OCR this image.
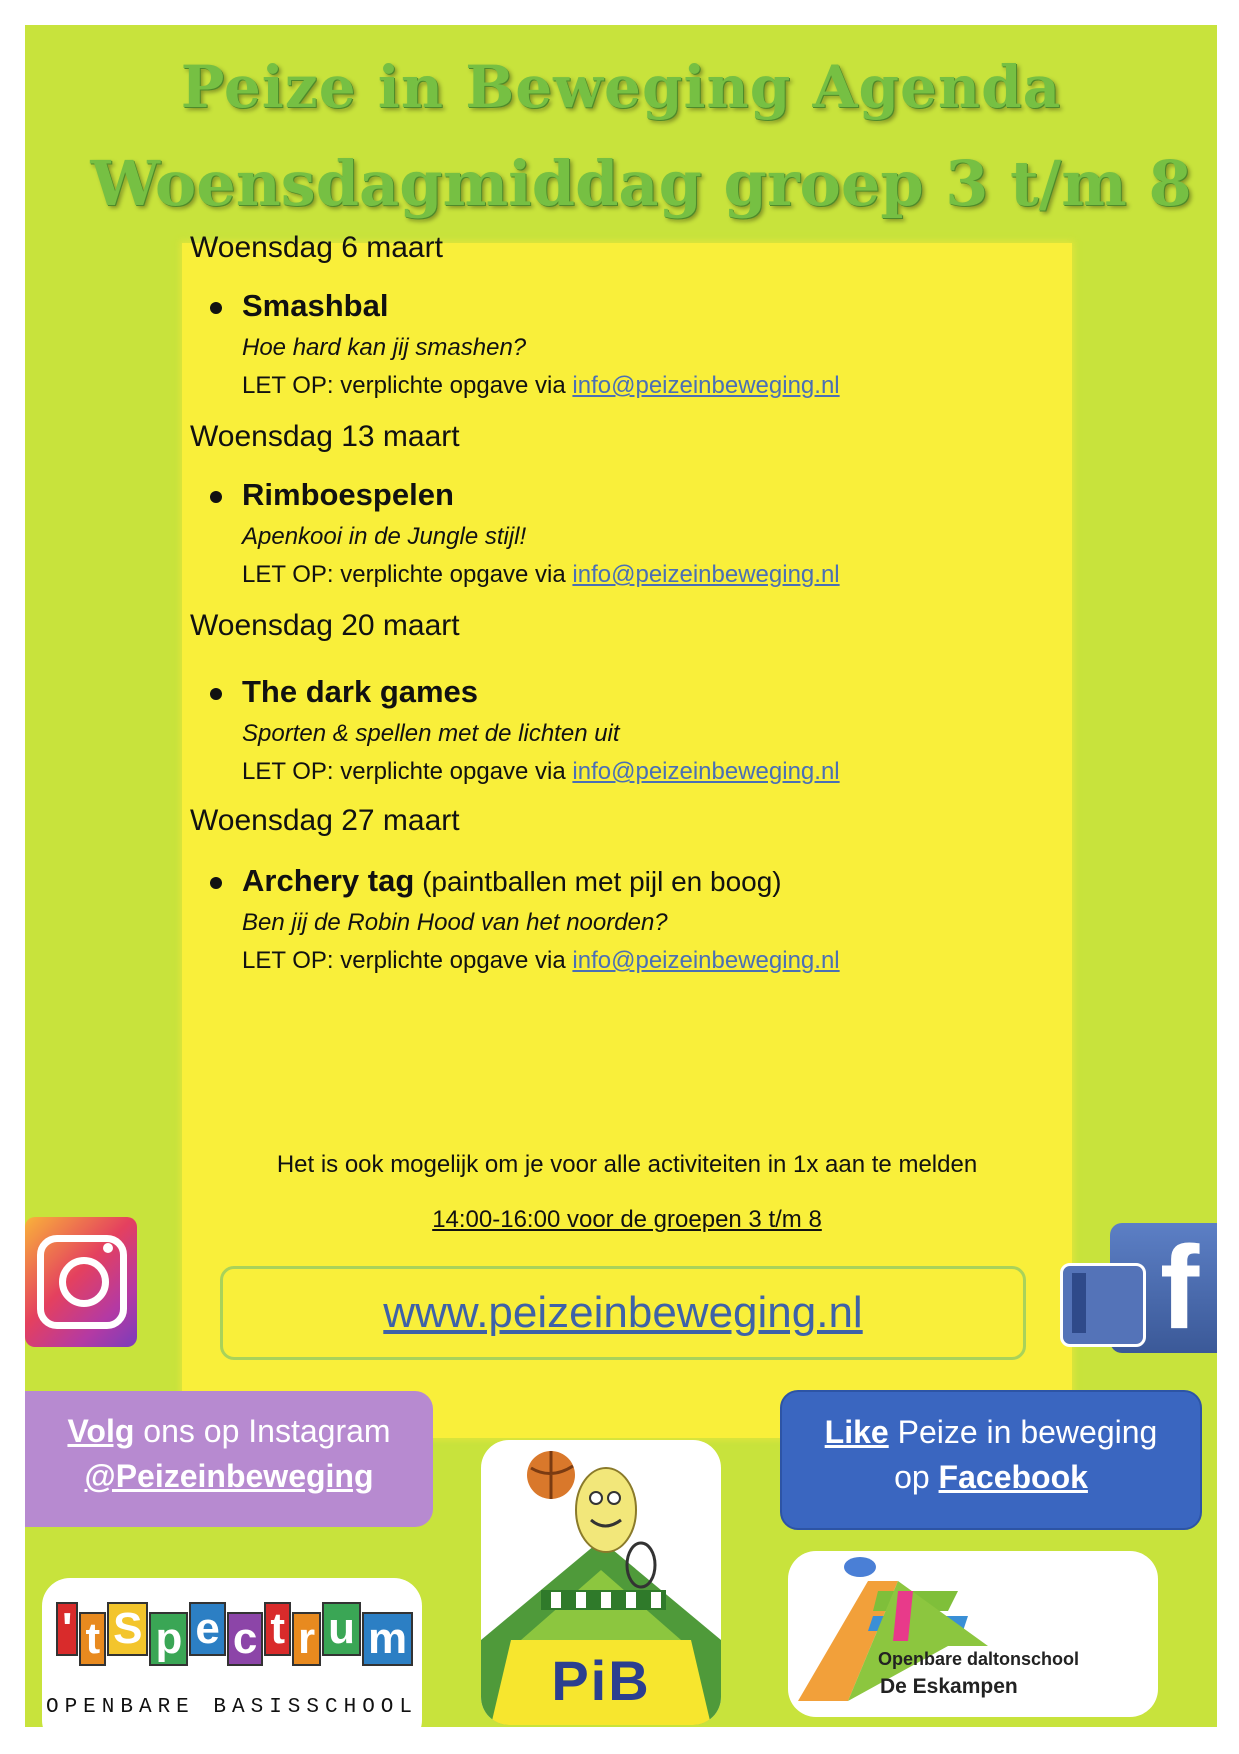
Peize in Beweging Agenda
Woensdagmiddag groep 3 t/m 8
Woensdag 6 maart
Smashbal
Hoe hard kan jij smashen?
LET OP: verplichte opgave via info@peizeinbeweging.nl
Woensdag 13 maart
Rimboespelen
Apenkooi in de Jungle stijl!
LET OP: verplichte opgave via info@peizeinbeweging.nl
Woensdag 20 maart
The dark games
Sporten & spellen met de lichten uit
LET OP: verplichte opgave via info@peizeinbeweging.nl
Woensdag 27 maart
Archery tag (paintballen met pijl en boog)
Ben jij de Robin Hood van het noorden?
LET OP: verplichte opgave via info@peizeinbeweging.nl
Het is ook mogelijk om je voor alle activiteiten in 1x aan te melden
14:00-16:00 voor de groepen 3 t/m 8
www.peizeinbeweging.nl	f
Volg ons op Instagram
@Peizeinbeweging
Like Peize in beweging
op Facebook
' t S p e c t r u m
OPENBARE BASISSCHOOL	PiB	Openbare daltonschool
De Eskampen
